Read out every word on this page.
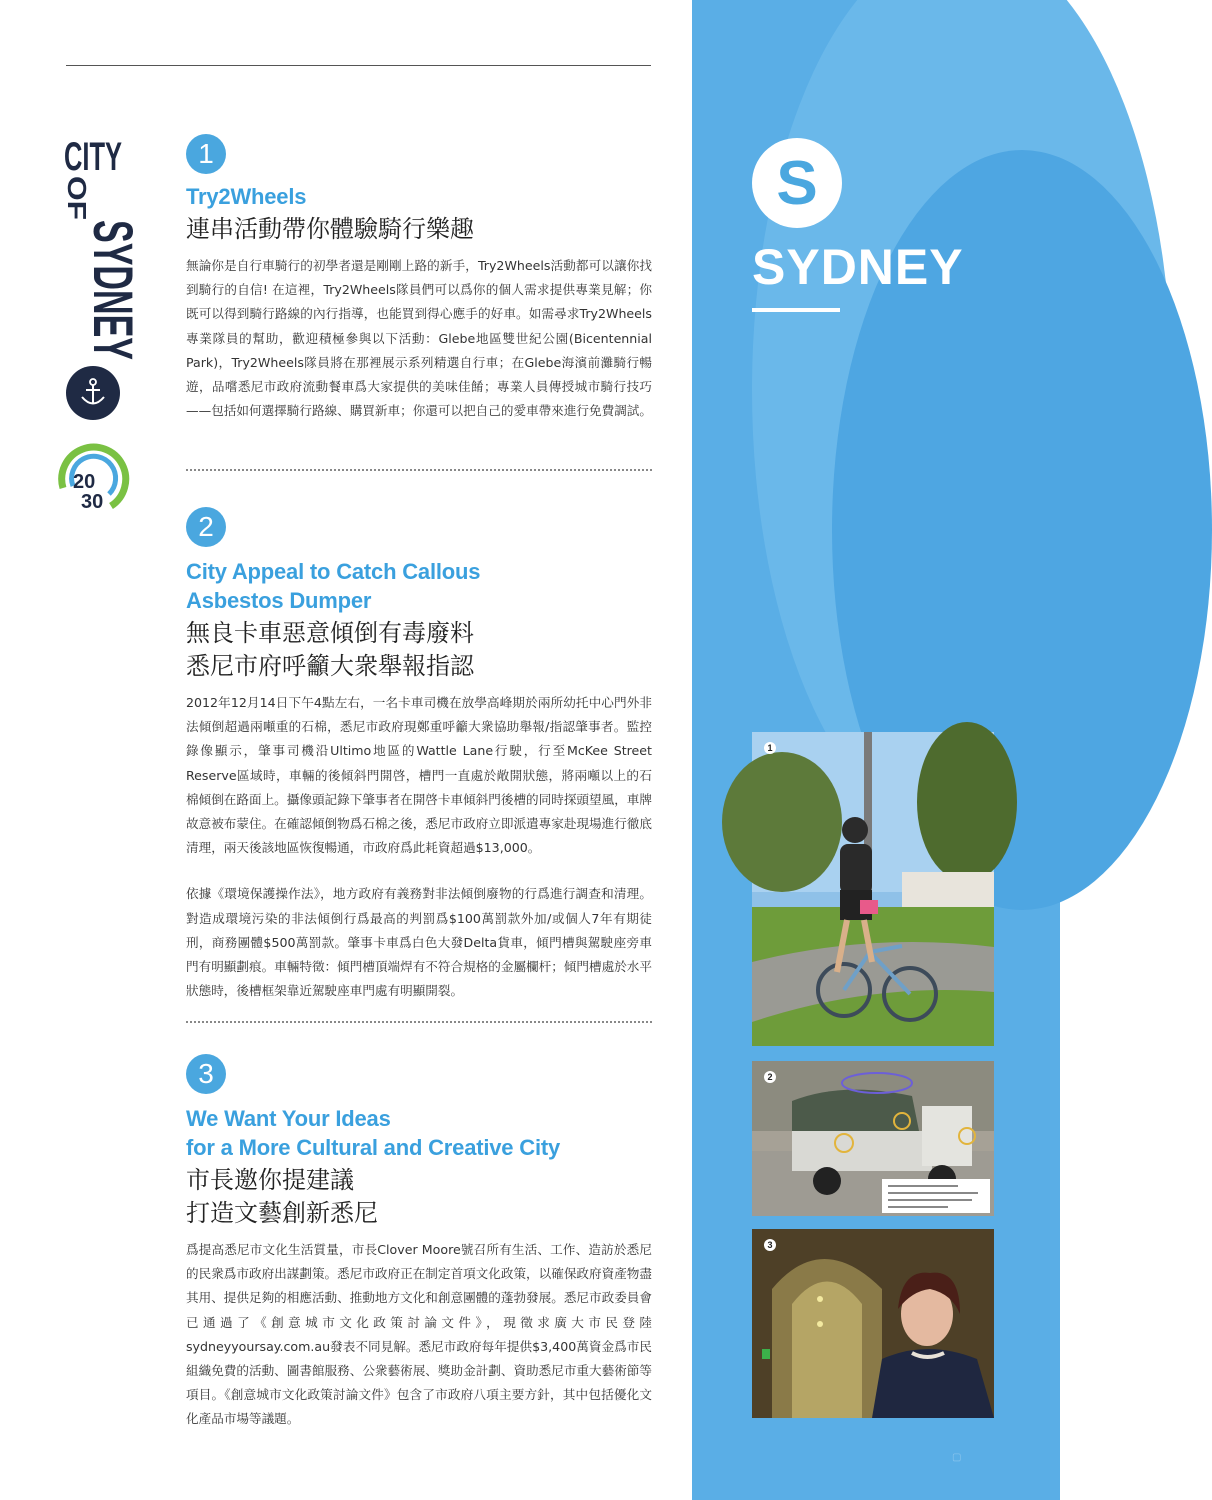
CITY
OF
SYDNEY
20
30
1
Try2Wheels
連串活動帶你體驗騎行樂趣

無論你是自行車騎行的初學者還是剛剛上路的新手，Try2Wheels活動都可以讓你找到騎行的自信! 在這裡，Try2Wheels隊員們可以爲你的個人需求提供專業見解；你既可以得到騎行路線的內行指導，也能買到得心應手的好車。如需尋求Try2Wheels專業隊員的幫助，歡迎積極參與以下活動：Glebe地區雙世紀公園(Bicentennial Park)，Try2Wheels隊員將在那裡展示系列精選自行車；在Glebe海濱前灘騎行暢遊，品嚐悉尼市政府流動餐車爲大家提供的美味佳餚；專業人員傳授城市騎行技巧——包括如何選擇騎行路線、購買新車；你還可以把自己的愛車帶來進行免費調試。

2
City Appeal to Catch Callous
Asbestos Dumper
無良卡車惡意傾倒有毒廢料
悉尼市府呼籲大衆舉報指認

2012年12月14日下午4點左右，一名卡車司機在放學高峰期於兩所幼托中心門外非法傾倒超過兩噸重的石棉，悉尼市政府現鄭重呼籲大衆協助舉報/指認肇事者。監控錄像顯示，肇事司機沿Ultimo地區的Wattle Lane行駛，行至McKee Street Reserve區域時，車輛的後傾斜門開啓，槽門一直處於敞開狀態，將兩噸以上的石棉傾倒在路面上。攝像頭記錄下肇事者在開啓卡車傾斜門後槽的同時探頭望風，車牌故意被布蒙住。在確認傾倒物爲石棉之後，悉尼市政府立即派遣專家赴現場進行徹底清理，兩天後該地區恢復暢通，市政府爲此耗資超過$13,000。

依據《環境保護操作法》，地方政府有義務對非法傾倒廢物的行爲進行調查和清理。對造成環境污染的非法傾倒行爲最高的判罰爲$100萬罰款外加/或個人7年有期徒刑，商務團體$500萬罰款。肇事卡車爲白色大發Delta貨車，傾門槽與駕駛座旁車門有明顯劃痕。車輛特徵：傾門槽頂端焊有不符合規格的金屬欄杆；傾門槽處於水平狀態時，後槽框架靠近駕駛座車門處有明顯開裂。

3
We Want Your Ideas
for a More Cultural and Creative City
市長邀你提建議
打造文藝創新悉尼

爲提高悉尼市文化生活質量，市長Clover Moore號召所有生活、工作、造訪於悉尼的民衆爲市政府出謀劃策。悉尼市政府正在制定首項文化政策，以確保政府資產物盡其用、提供足夠的相應活動、推動地方文化和創意團體的蓬勃發展。悉尼市政委員會已通過了《創意城市文化政策討論文件》，現徵求廣大市民登陸sydneyyoursay.com.au發表不同見解。悉尼市政府每年提供$3,400萬資金爲市民組織免費的活動、圖書館服務、公衆藝術展、獎助金計劃、資助悉尼市重大藝術節等項目。《創意城市文化政策討論文件》包含了市政府八項主要方針，其中包括優化文化產品市場等議題。

S
SYDNEY
1
2
3
▢
